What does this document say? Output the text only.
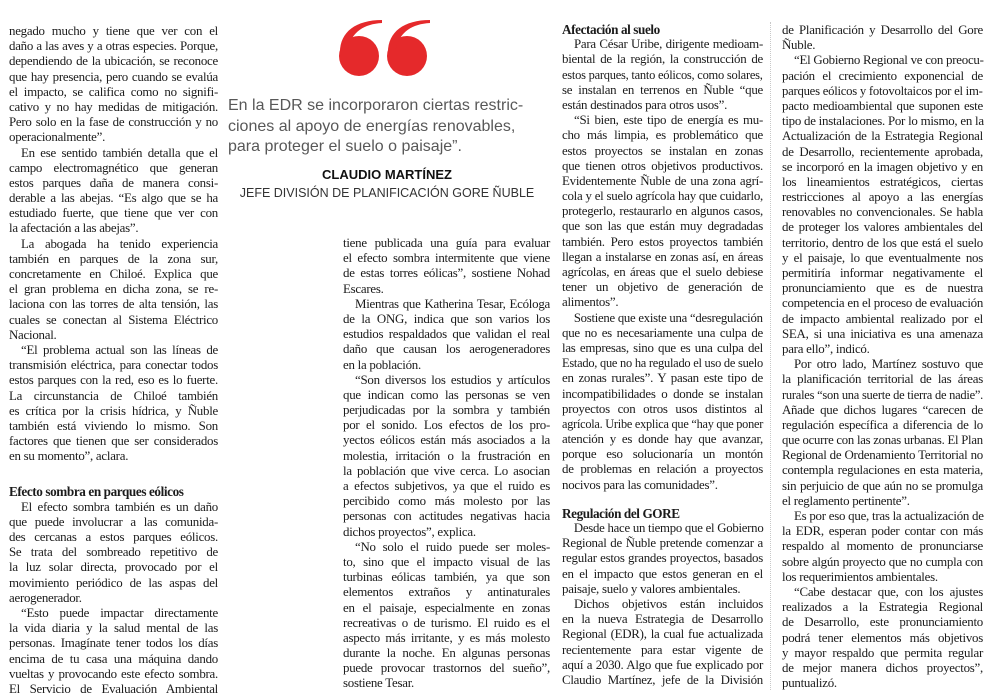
En la EDR se incorporaron ciertas restric-
ciones al apoyo de energías renovables,
para proteger el suelo o paisaje”.
CLAUDIO MARTÍNEZ
JEFE DIVISIÓN DE PLANIFICACIÓN GORE ÑUBLE
negado mucho y tiene que ver con el
daño a las aves y a otras especies. Porque,
dependiendo de la ubicación, se reconoce
que hay presencia, pero cuando se evalúa
el impacto, se califica como no signifi-
cativo y no hay medidas de mitigación.
Pero solo en la fase de construcción y no
operacionalmente”.
En ese sentido también detalla que el
campo electromagnético que generan
estos parques daña de manera consi-
derable a las abejas. “Es algo que se ha
estudiado fuerte, que tiene que ver con
la afectación a las abejas”.
La abogada ha tenido experiencia
también en parques de la zona sur,
concretamente en Chiloé. Explica que
el gran problema en dicha zona, se re-
laciona con las torres de alta tensión, las
cuales se conectan al Sistema Eléctrico
Nacional.
“El problema actual son las líneas de
transmisión eléctrica, para conectar todos
estos parques con la red, eso es lo fuerte.
La circunstancia de Chiloé también
es crítica por la crisis hídrica, y Ñuble
también está viviendo lo mismo. Son
factores que tienen que ser considerados
en su momento”, aclara.
Efecto sombra en parques eólicos
El efecto sombra también es un daño
que puede involucrar a las comunida-
des cercanas a estos parques eólicos.
Se trata del sombreado repetitivo de
la luz solar directa, provocado por el
movimiento periódico de las aspas del
aerogenerador.
“Esto puede impactar directamente
la vida diaria y la salud mental de las
personas. Imagínate tener todos los días
encima de tu casa una máquina dando
vueltas y provocando este efecto sombra.
El Servicio de Evaluación Ambiental
tiene publicada una guía para evaluar
el efecto sombra intermitente que viene
de estas torres eólicas”, sostiene Nohad
Escares.
Mientras que Katherina Tesar, Ecóloga
de la ONG, indica que son varios los
estudios respaldados que validan el real
daño que causan los aerogeneradores
en la población.
“Son diversos los estudios y artículos
que indican como las personas se ven
perjudicadas por la sombra y también
por el sonido. Los efectos de los pro-
yectos eólicos están más asociados a la
molestia, irritación o la frustración en
la población que vive cerca. Lo asocian
a efectos subjetivos, ya que el ruido es
percibido como más molesto por las
personas con actitudes negativas hacia
dichos proyectos”, explica.
“No solo el ruido puede ser moles-
to, sino que el impacto visual de las
turbinas eólicas también, ya que son
elementos extraños y antinaturales
en el paisaje, especialmente en zonas
recreativas o de turismo. El ruido es el
aspecto más irritante, y es más molesto
durante la noche. En algunas personas
puede provocar trastornos del sueño”,
sostiene Tesar.
Afectación al suelo
Para César Uribe, dirigente medioam-
biental de la región, la construcción de
estos parques, tanto eólicos, como solares,
se instalan en terrenos en Ñuble “que
están destinados para otros usos”.
“Si bien, este tipo de energía es mu-
cho más limpia, es problemático que
estos proyectos se instalan en zonas
que tienen otros objetivos productivos.
Evidentemente Ñuble de una zona agrí-
cola y el suelo agrícola hay que cuidarlo,
protegerlo, restaurarlo en algunos casos,
que son las que están muy degradadas
también. Pero estos proyectos también
llegan a instalarse en zonas así, en áreas
agrícolas, en áreas que el suelo debiese
tener un objetivo de generación de
alimentos”.
Sostiene que existe una “desregulación
que no es necesariamente una culpa de
las empresas, sino que es una culpa del
Estado, que no ha regulado el uso de suelo
en zonas rurales”. Y pasan este tipo de
incompatibilidades o donde se instalan
proyectos con otros usos distintos al
agrícola. Uribe explica que “hay que poner
atención y es donde hay que avanzar,
porque eso solucionaría un montón
de problemas en relación a proyectos
nocivos para las comunidades”.
Regulación del GORE
Desde hace un tiempo que el Gobierno
Regional de Ñuble pretende comenzar a
regular estos grandes proyectos, basados
en el impacto que estos generan en el
paisaje, suelo y valores ambientales.
Dichos objetivos están incluidos
en la nueva Estrategia de Desarrollo
Regional (EDR), la cual fue actualizada
recientemente para estar vigente de
aquí a 2030. Algo que fue explicado por
Claudio Martínez, jefe de la División
de Planificación y Desarrollo del Gore
Ñuble.
“El Gobierno Regional ve con preocu-
pación el crecimiento exponencial de
parques eólicos y fotovoltaicos por el im-
pacto medioambiental que suponen este
tipo de instalaciones. Por lo mismo, en la
Actualización de la Estrategia Regional
de Desarrollo, recientemente aprobada,
se incorporó en la imagen objetivo y en
los lineamientos estratégicos, ciertas
restricciones al apoyo a las energías
renovables no convencionales. Se habla
de proteger los valores ambientales del
territorio, dentro de los que está el suelo
y el paisaje, lo que eventualmente nos
permitiría informar negativamente el
pronunciamiento que es de nuestra
competencia en el proceso de evaluación
de impacto ambiental realizado por el
SEA, si una iniciativa es una amenaza
para ello”, indicó.
Por otro lado, Martínez sostuvo que
la planificación territorial de las áreas
rurales “son una suerte de tierra de nadie”.
Añade que dichos lugares “carecen de
regulación específica a diferencia de lo
que ocurre con las zonas urbanas. El Plan
Regional de Ordenamiento Territorial no
contempla regulaciones en esta materia,
sin perjuicio de que aún no se promulga
el reglamento pertinente”.
Es por eso que, tras la actualización de
la EDR, esperan poder contar con más
respaldo al momento de pronunciarse
sobre algún proyecto que no cumpla con
los requerimientos ambientales.
“Cabe destacar que, con los ajustes
realizados a la Estrategia Regional
de Desarrollo, este pronunciamiento
podrá tener elementos más objetivos
y mayor respaldo que permita regular
de mejor manera dichos proyectos”,
puntualizó.
